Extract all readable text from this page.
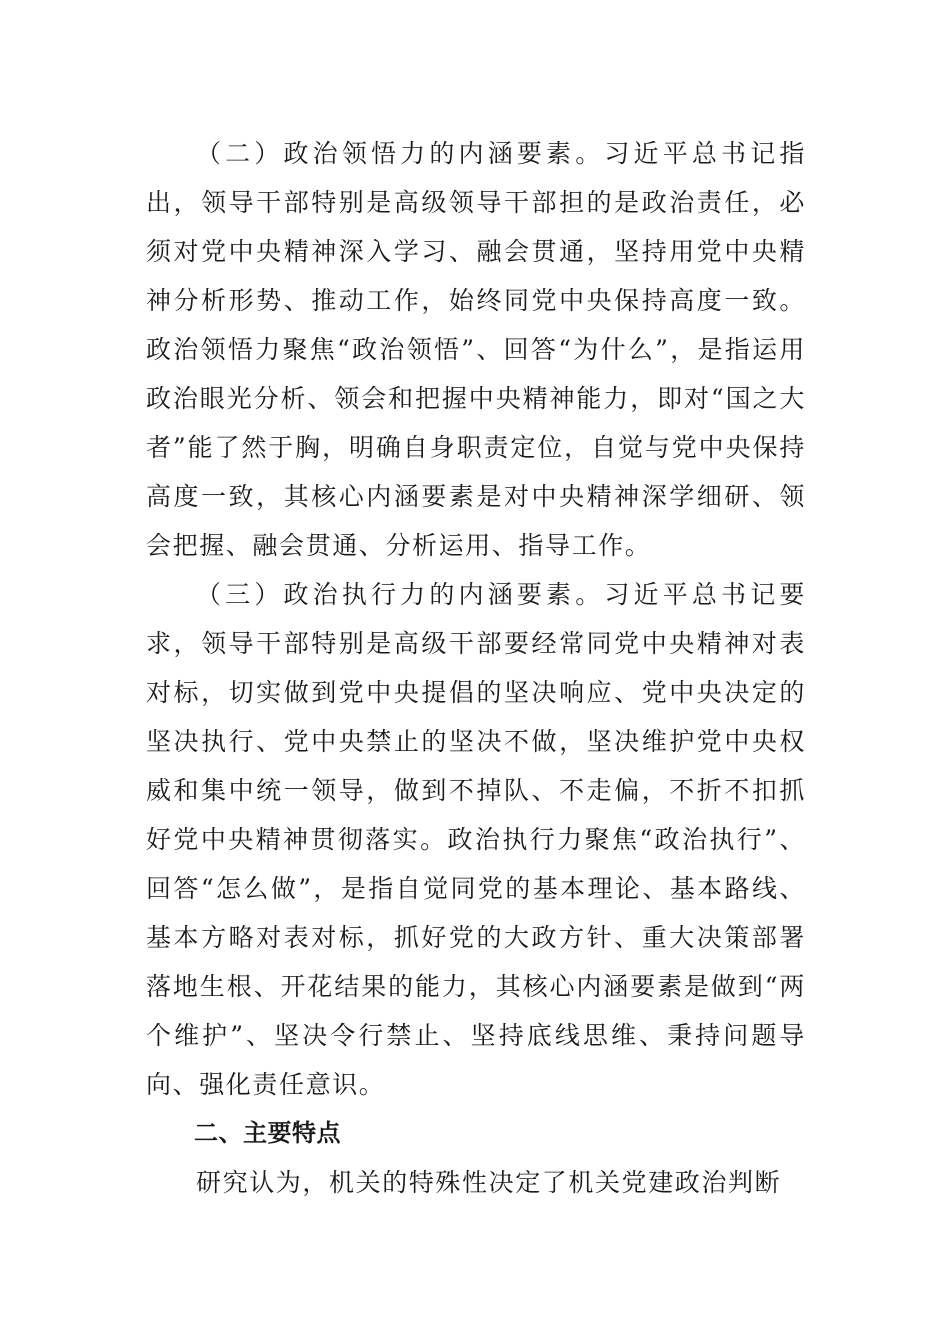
（二）政治领悟力的内涵要素。习近平总书记指出，领导干部特别是高级领导干部担的是政治责任，必须对党中央精神深入学习、融会贯通，坚持用党中央精神分析形势、推动工作，始终同党中央保持高度一致。政治领悟力聚焦“政治领悟”、回答“为什么”，是指运用政治眼光分析、领会和把握中央精神能力，即对“国之大者”能了然于胸，明确自身职责定位，自觉与党中央保持高度一致，其核心内涵要素是对中央精神深学细研、领会把握、融会贯通、分析运用、指导工作。

（三）政治执行力的内涵要素。习近平总书记要求，领导干部特别是高级干部要经常同党中央精神对表对标，切实做到党中央提倡的坚决响应、党中央决定的坚决执行、党中央禁止的坚决不做，坚决维护党中央权威和集中统一领导，做到不掉队、不走偏，不折不扣抓好党中央精神贯彻落实。政治执行力聚焦“政治执行”、回答“怎么做”，是指自觉同党的基本理论、基本路线、基本方略对表对标，抓好党的大政方针、重大决策部署落地生根、开花结果的能力，其核心内涵要素是做到“两个维护”、坚决令行禁止、坚持底线思维、秉持问题导向、强化责任意识。

二、主要特点

研究认为，机关的特殊性决定了机关党建政治判断
